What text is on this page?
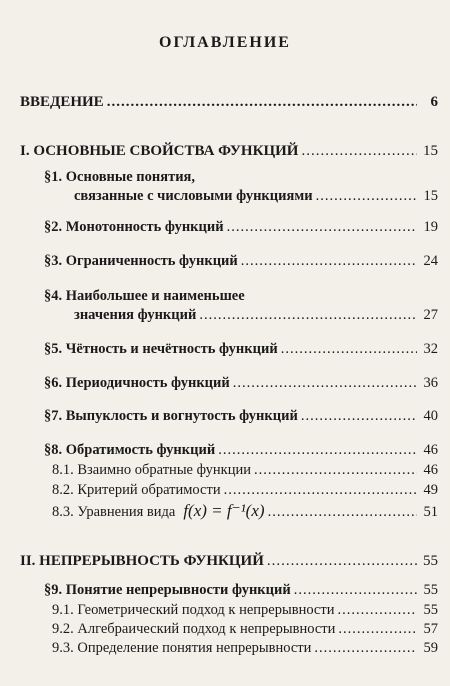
ОГЛАВЛЕНИЕ
ВВЕДЕНИЕ .....	6
I. ОСНОВНЫЕ СВОЙСТВА ФУНКЦИЙ .....	15
§1. Основные понятия,
связанные с числовыми функциями .....	15
§2. Монотонность функций .....	19
§3. Ограниченность функций .....	24
§4. Наибольшее и наименьшее
значения функций .....	27
§5. Чётность и нечётность функций .....	32
§6. Периодичность функций .....	36
§7. Выпуклость и вогнутость функций .....	40
§8. Обратимость функций .....	46
8.1. Взаимно обратные функции .....	46
8.2. Критерий обратимости .....	49
8.3. Уравнения вида f(x) = f⁻¹(x) .....	51
II. НЕПРЕРЫВНОСТЬ ФУНКЦИЙ .....	55
§9. Понятие непрерывности функций .....	55
9.1. Геометрический подход к непрерывности .....	55
9.2. Алгебраический подход к непрерывности .....	57
9.3. Определение понятия непрерывности .....	59
